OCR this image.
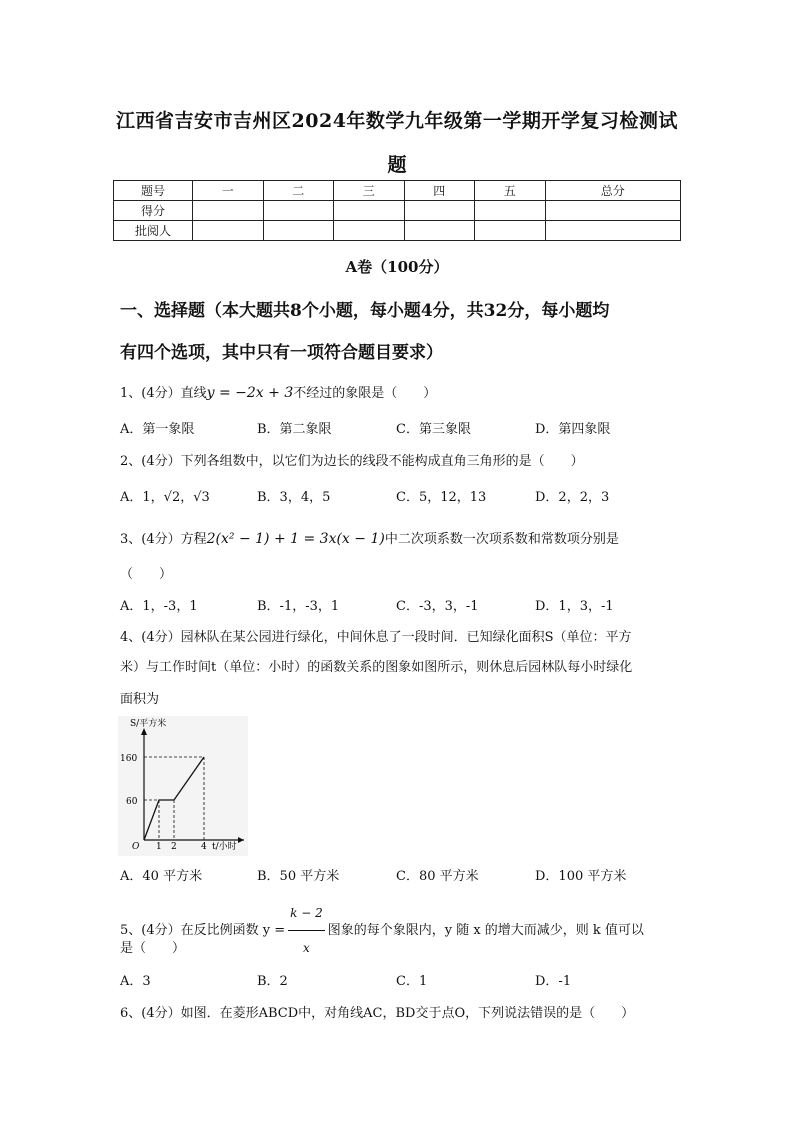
江西省吉安市吉州区2024年数学九年级第一学期开学复习检测试
题
题号	一	二	三	四	五	总分
得分						
批阅人						
A卷（100分）
一、选择题（本大题共8个小题，每小题4分，共32分，每小题均
有四个选项，其中只有一项符合题目要求）
1、(4分）直线y = −2x + 3不经过的象限是（　　）
A．第一象限	B．第二象限	C．第三象限	D．第四象限
2、(4分）下列各组数中，以它们为边长的线段不能构成直角三角形的是（　　）
A．1，√2，√3	B．3，4，5	C．5，12，13	D．2，2，3
3、(4分）方程2(x² − 1) + 1 = 3x(x − 1)中二次项系数一次项系数和常数项分别是
（　　）
A．1，-3，1	B．-1，-3，1	C．-3，3，-1	D．1，3，-1
4、(4分）园林队在某公园进行绿化，中间休息了一段时间．已知绿化面积S（单位：平方
米）与工作时间t（单位：小时）的函数关系的图象如图所示，则休息后园林队每小时绿化
面积为
S/平方米
160
60
O 1 2	4 t/小时
A．40 平方米	B．50 平方米	C．80 平方米	D．100 平方米
5、(4分）在反比例函数 $y = \frac{k - 2}{x}$ 图象的每个象限内，y 随 x 的增大而减少，则 k 值可以
是（　　）
A．3	B．2	C．1	D．-1
6、(4分）如图．在菱形ABCD中，对角线AC，BD交于点O，下列说法错误的是（　　）
